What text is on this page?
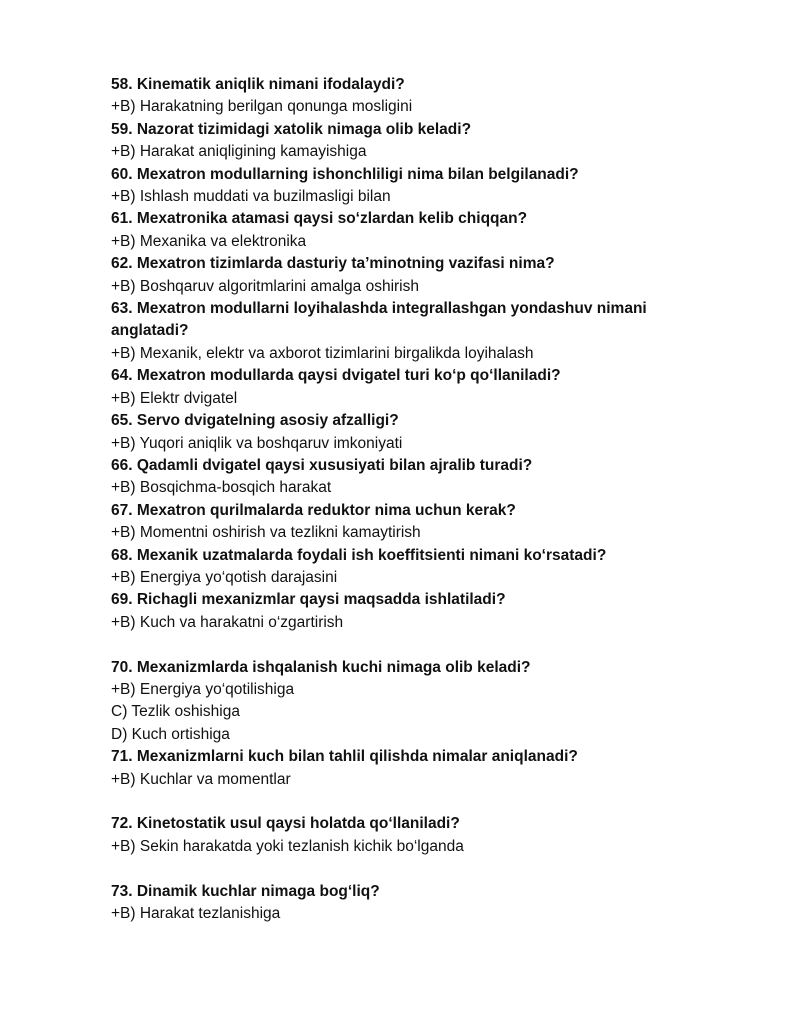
58. Kinematik aniqlik nimani ifodalaydi?
+B) Harakatning berilgan qonunga mosligini
59. Nazorat tizimidagi xatolik nimaga olib keladi?
+B) Harakat aniqligining kamayishiga
60. Mexatron modullarning ishonchliligi nima bilan belgilanadi?
+B) Ishlash muddati va buzilmasligi bilan
61. Mexatronika atamasi qaysi so‘zlardan kelib chiqqan?
+B) Mexanika va elektronika
62. Mexatron tizimlarda dasturiy ta’minotning vazifasi nima?
+B) Boshqaruv algoritmlarini amalga oshirish
63. Mexatron modullarni loyihalashda integrallashgan yondashuv nimani anglatadi?
+B) Mexanik, elektr va axborot tizimlarini birgalikda loyihalash
64. Mexatron modullarda qaysi dvigatel turi ko‘p qo‘llaniladi?
+B) Elektr dvigatel
65. Servo dvigatelning asosiy afzalligi?
+B) Yuqori aniqlik va boshqaruv imkoniyati
66. Qadamli dvigatel qaysi xususiyati bilan ajralib turadi?
+B) Bosqichma-bosqich harakat
67. Mexatron qurilmalarda reduktor nima uchun kerak?
+B) Momentni oshirish va tezlikni kamaytirish
68. Mexanik uzatmalarda foydali ish koeffitsienti nimani ko‘rsatadi?
+B) Energiya yo‘qotish darajasini
69. Richagli mexanizmlar qaysi maqsadda ishlatiladi?
+B) Kuch va harakatni o‘zgartirish
70. Mexanizmlarda ishqalanish kuchi nimaga olib keladi?
+B) Energiya yo‘qotilishiga
C) Tezlik oshishiga
D) Kuch ortishiga
71. Mexanizmlarni kuch bilan tahlil qilishda nimalar aniqlanadi?
+B) Kuchlar va momentlar
72. Kinetostatik usul qaysi holatda qo‘llaniladi?
+B) Sekin harakatda yoki tezlanish kichik bo‘lganda
73. Dinamik kuchlar nimaga bog‘liq?
+B) Harakat tezlanishiga
